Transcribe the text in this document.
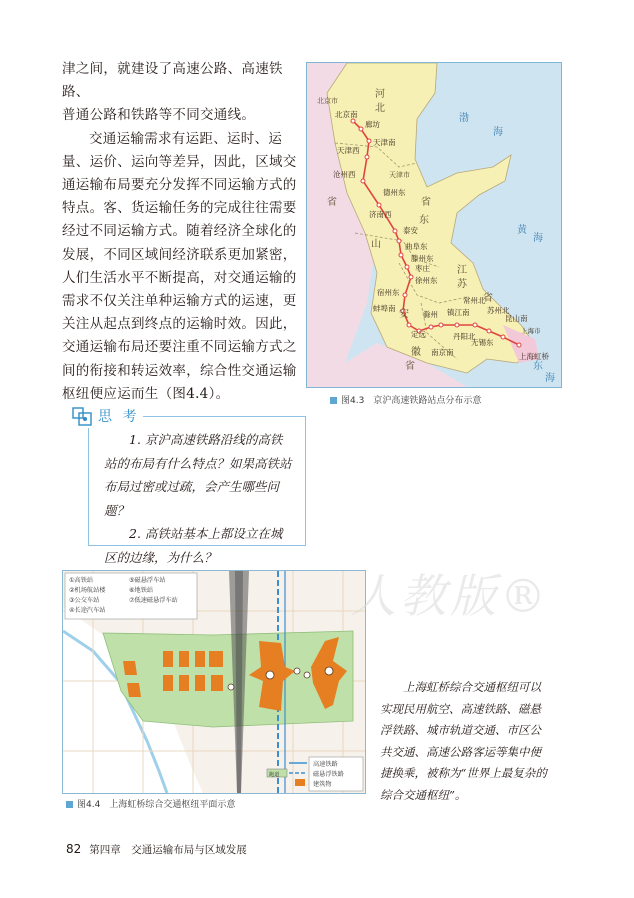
津之间，就建设了高速公路、高速铁路、

普通公路和铁路等不同交通线。

交通运输需求有运距、运时、运量、运价、运向等差异，因此，区域交通运输布局要充分发挥不同运输方式的特点。客、货运输任务的完成往往需要经过不同运输方式。随着经济全球化的发展，不同区域间经济联系更加紧密，人们生活水平不断提高，对交通运输的需求不仅关注单种运输方式的运速，更关注从起点到终点的运输时效。因此，交通运输布局还要注重不同运输方式之间的衔接和转运效率，综合性交通运输枢纽便应运而生（图4.4）。

北京南
廊坊
天津南
天津西
沧州西
德州东
济南西
泰安
曲阜东
滕州东
枣庄
徐州东
宿州东
蚌埠南
定远
滁州
南京南
镇江南
丹阳北
常州北
无锡东
苏州北
昆山南
上海虹桥
上海市
河
北
省
天津市
北京市
山
东
省
江
苏
省
安
徽
省
渤
海
黄
海
东
海
图4.3　京沪高速铁路站点分布示意
思 考

1. 京沪高速铁路沿线的高铁站的布局有什么特点？如果高铁站布局过密或过疏，会产生哪些问题？

2. 高铁站基本上都设立在城区的边缘，为什么？

①高铁站
②机场航站楼
③公交车站
④长途汽车站
⑤磁悬浮车站
⑥地铁站
⑦低速磁悬浮车站
高速铁路
磁悬浮铁路
建筑物
跑道
人教版®
图4.4　上海虹桥综合交通枢纽平面示意

上海虹桥综合交通枢纽可以实现民用航空、高速铁路、磁悬浮铁路、城市轨道交通、市区公共交通、高速公路客运等集中便捷换乘，被称为“世界上最复杂的综合交通枢纽”。

82 第四章　交通运输布局与区域发展
